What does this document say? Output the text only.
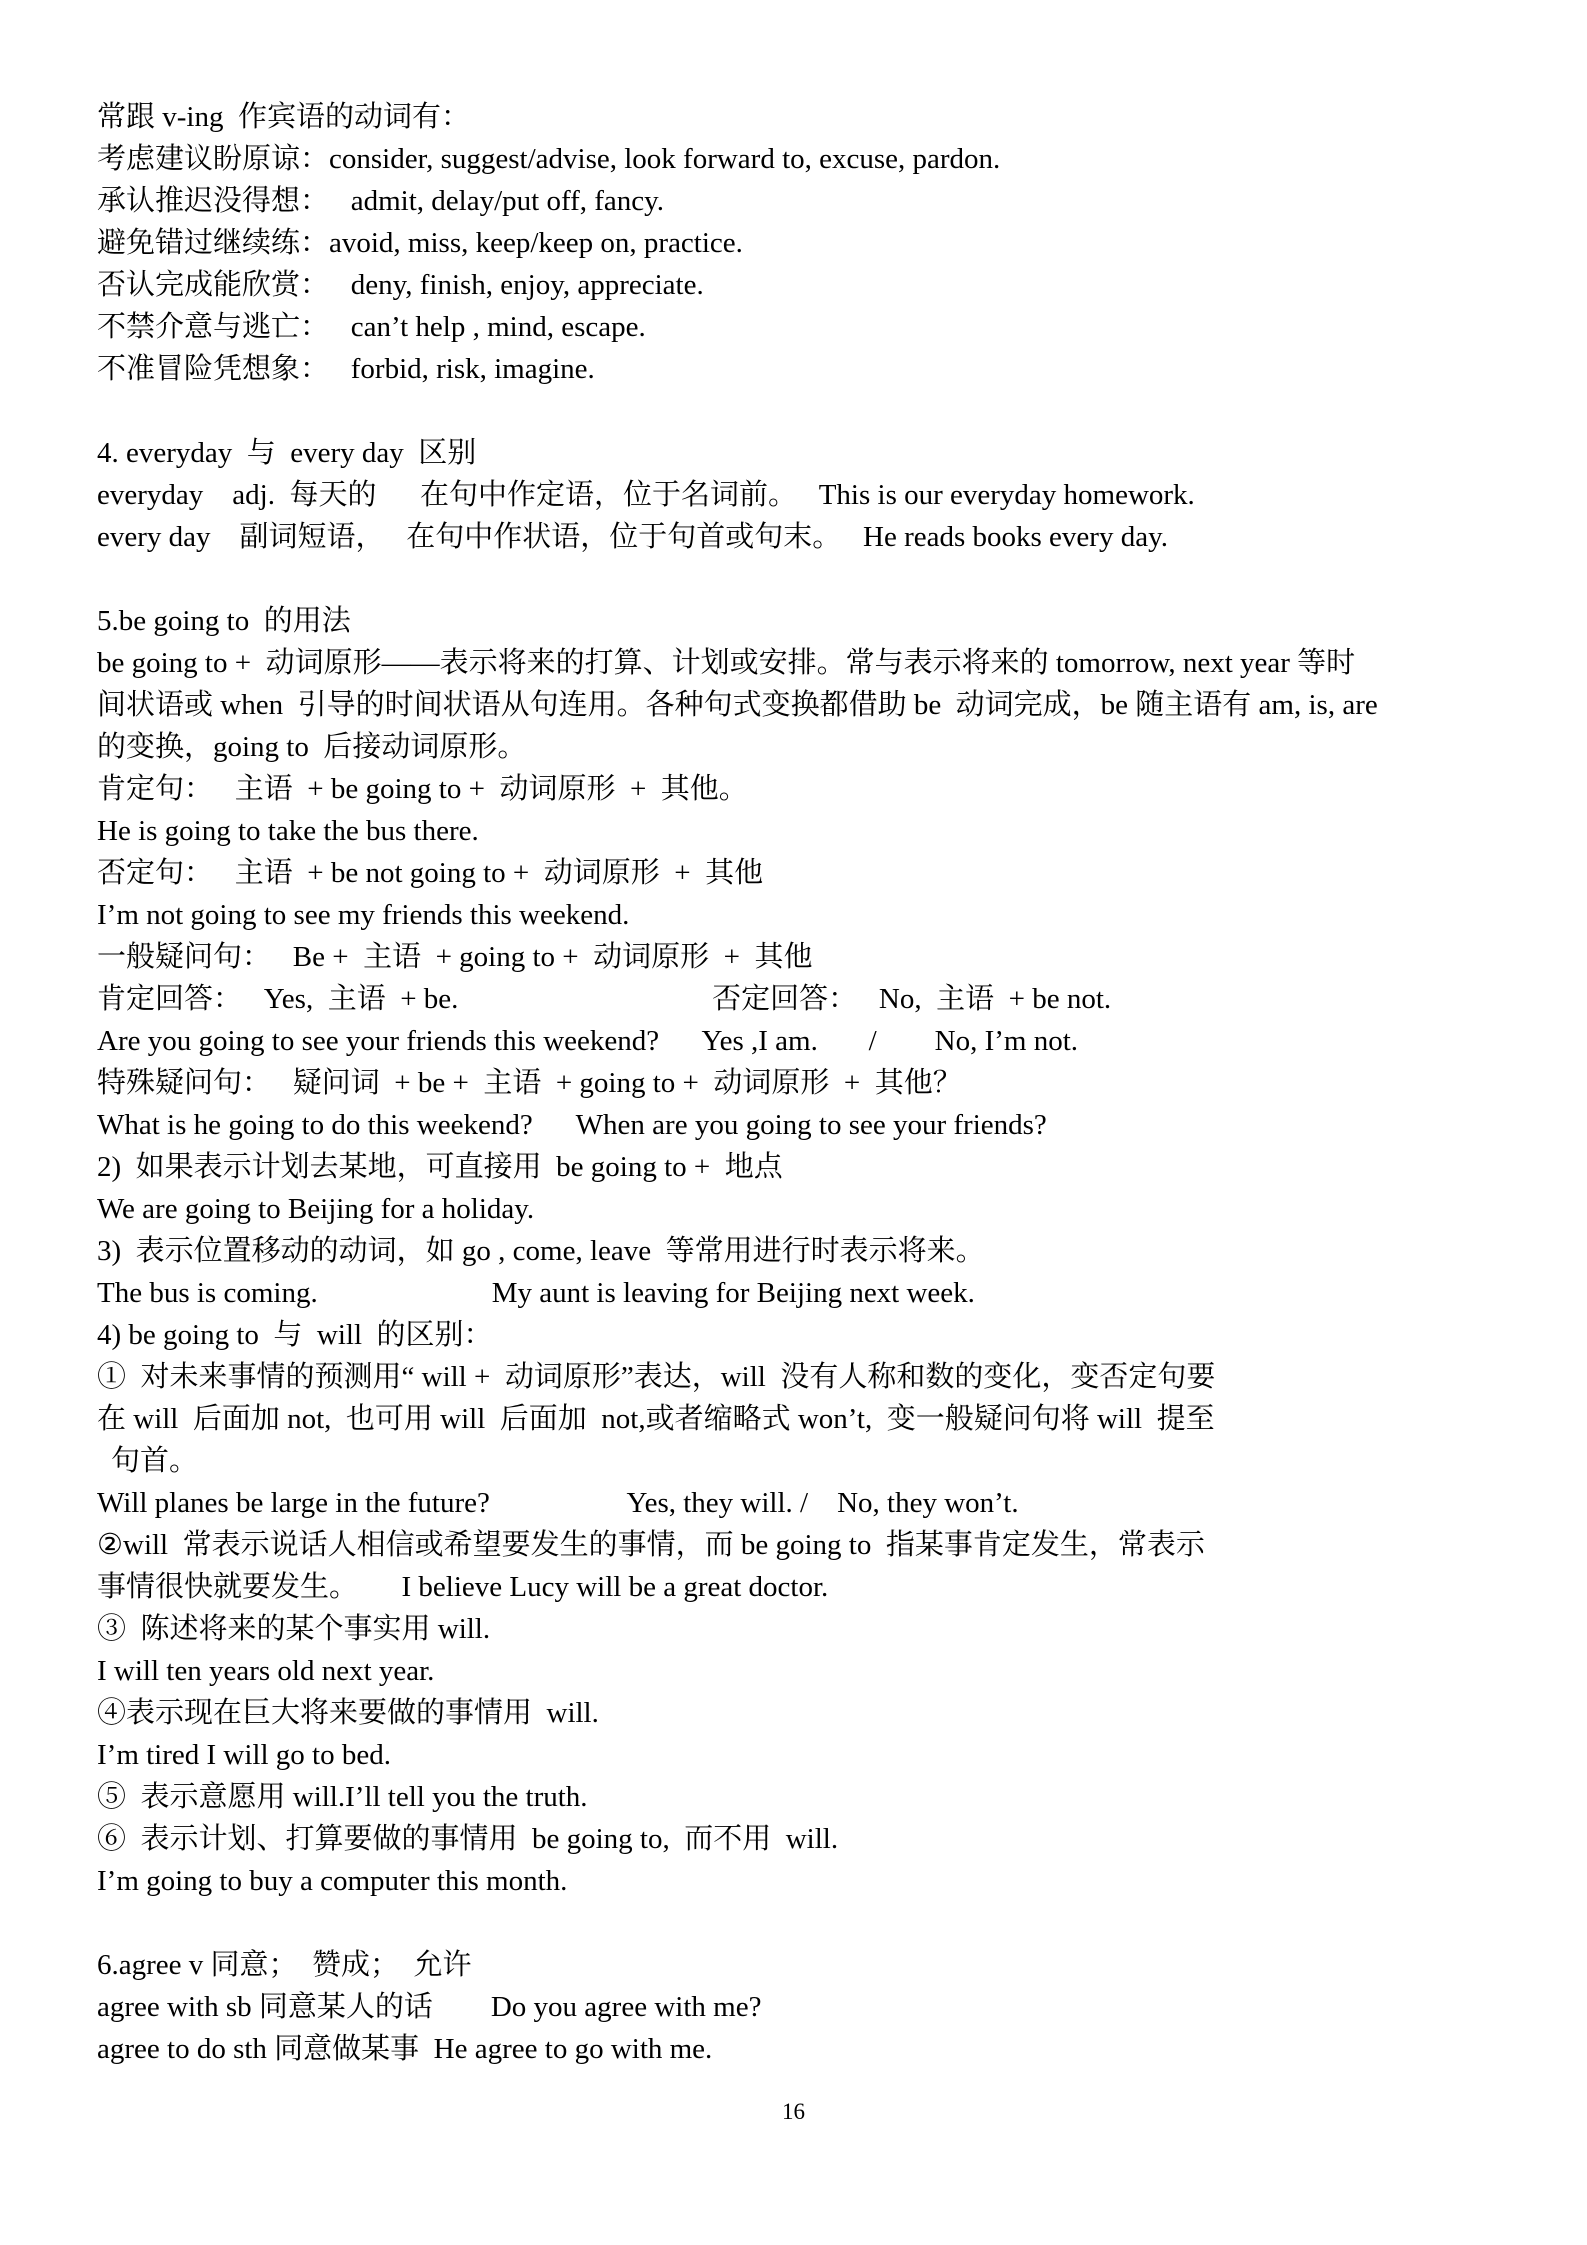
常跟 v-ing  作宾语的动词有：
考虑建议盼原谅：consider, suggest/advise, look forward to, excuse, pardon.
承认推迟没得想：   admit, delay/put off, fancy.
避免错过继续练：avoid, miss, keep/keep on, practice.
否认完成能欣赏：   deny, finish, enjoy, appreciate.
不禁介意与逃亡：   can’t help , mind, escape.
不准冒险凭想象：   forbid, risk, imagine.
4. everyday  与  every day  区别
everyday    adj.  每天的      在句中作定语，位于名词前。   This is our everyday homework.
every day    副词短语，   在句中作状语，位于句首或句末。   He reads books every day.
5.be going to  的用法
be going to +  动词原形——表示将来的打算、计划或安排。常与表示将来的 tomorrow, next year 等时
间状语或 when  引导的时间状语从句连用。各种句式变换都借助 be  动词完成，be 随主语有 am, is, are
的变换，going to  后接动词原形。
肯定句：   主语  + be going to +  动词原形  +  其他。
He is going to take the bus there.
否定句：   主语  + be not going to +  动词原形  +  其他
I’m not going to see my friends this weekend.
一般疑问句：   Be +  主语  + going to +  动词原形  +  其他
肯定回答：   Yes,  主语  + be.                                   否定回答：   No,  主语  + be not.
Are you going to see your friends this weekend?      Yes ,I am.       /        No, I’m not.
特殊疑问句：   疑问词  + be +  主语  + going to +  动词原形  +  其他？
What is he going to do this weekend?      When are you going to see your friends?
2)  如果表示计划去某地，可直接用  be going to +  地点
We are going to Beijing for a holiday.
3)  表示位置移动的动词，如 go , come, leave  等常用进行时表示将来。
The bus is coming.                        My aunt is leaving for Beijing next week.
4) be going to  与  will  的区别：
①  对未来事情的预测用“ will +  动词原形”表达，will  没有人称和数的变化，变否定句要
在 will  后面加 not,  也可用 will  后面加  not,或者缩略式 won’t,  变一般疑问句将 will  提至
句首。
Will planes be large in the future?                   Yes, they will. /    No, they won’t.
②will  常表示说话人相信或希望要发生的事情，而 be going to  指某事肯定发生，常表示
事情很快就要发生。      I believe Lucy will be a great doctor.
③  陈述将来的某个事实用 will.
I will ten years old next year.
④表示现在巨大将来要做的事情用  will.
I’m tired I will go to bed.
⑤  表示意愿用 will.I’ll tell you the truth.
⑥  表示计划、打算要做的事情用  be going to,  而不用  will.
I’m going to buy a computer this month.
6.agree v 同意；  赞成；  允许
agree with sb 同意某人的话        Do you agree with me?
agree to do sth 同意做某事  He agree to go with me.
16
